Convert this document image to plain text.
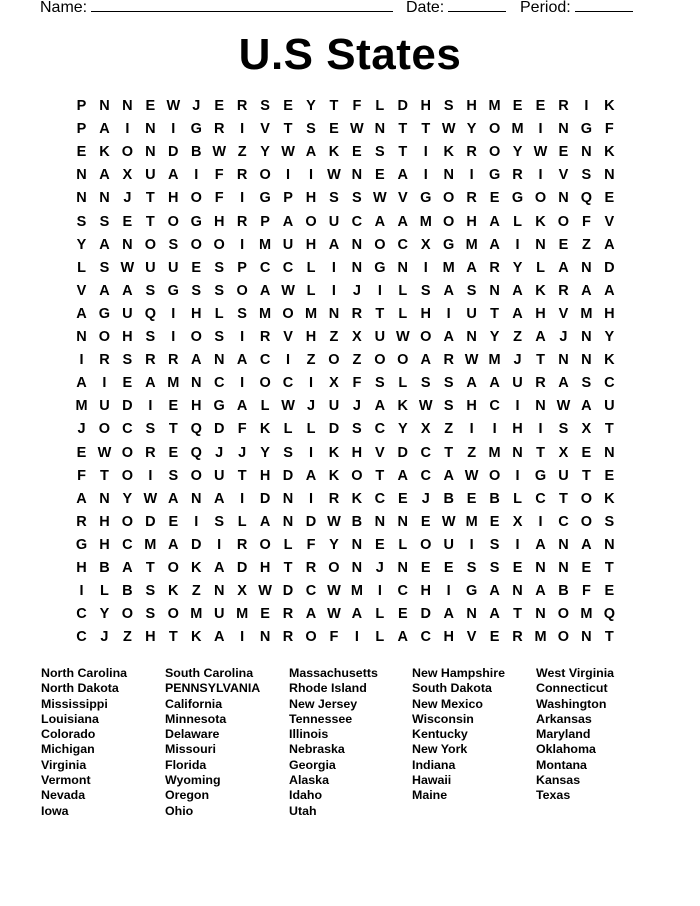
Name:	Date:	Period:
U.S States
P N N E W J E R S E Y T F L D H S H M E E R	I	K
P A	I	N	I	G R	I	V T S E W N T T W Y O M	I	N G F
E K O N D B W Z Y W A K E S T	I	K R O Y W E N K
N A X U A	I	F R O	I	I W N E A	I	N	I	G R	I	V S N
N N J T H O F	I	G P H S S W V G O R E G O N Q E
S S E T O G H R P A O U C A A M O H A L K O F V
Y A N O S O O	I	M U H A N O C X G M A	I	N E Z A
L S W U U E S P C C L	I	N G N	I	M A R Y L A N D
V A A S G S S O A W L	I	J	I	L S A S N A K R A A
A G U Q	I	H L S M O M N R T L H	I	U T A H V M H
N O H S	I	O S	I	R V H Z X U W O A N Y Z A J N Y
I	R S R R A N A C	I	Z O Z O O A R W M J T N N K
A	I	E A M N C	I	O C	I	X F S L S S A A U R A S C
M U D	I	E H G A L W J U J A K W S H C	I	N W A U
J O C S T Q D F K L L D S C Y X Z	I	I	H	I	S X T
E W O R E Q J	J Y S	I	K H V D C T Z M N T X E N
F T O	I	S O U T H D A K O T A C A W O	I	G U T E
A N Y W A N A	I	D N	I	R K C E J B E B L C T O K
R H O D E	I	S L A N D W B N N E W M E X	I	C O S
G H C M A D	I	R O L F Y N E L O U	I	S	I	A N A N
H B A T O K A D H T R O N J N E E S S E N N E T
I	L B S K Z N X W D C W M	I	C H	I	G A N A B F E
C Y O S O M U M E R A W A L E D A N A T N O M Q
C J Z H T K A	I	N R O F	I	L A C H V E R M O N T
North Carolina
North Dakota
Mississippi
Louisiana
Colorado
Michigan
Virginia
Vermont
Nevada
Iowa
South Carolina
PENNSYLVANIA
California
Minnesota
Delaware
Missouri
Florida
Wyoming
Oregon
Ohio
Massachusetts
Rhode Island
New Jersey
Tennessee
Illinois
Nebraska
Georgia
Alaska
Idaho
Utah
New Hampshire
South Dakota
New Mexico
Wisconsin
Kentucky
New York
Indiana
Hawaii
Maine
West Virginia
Connecticut
Washington
Arkansas
Maryland
Oklahoma
Montana
Kansas
Texas
